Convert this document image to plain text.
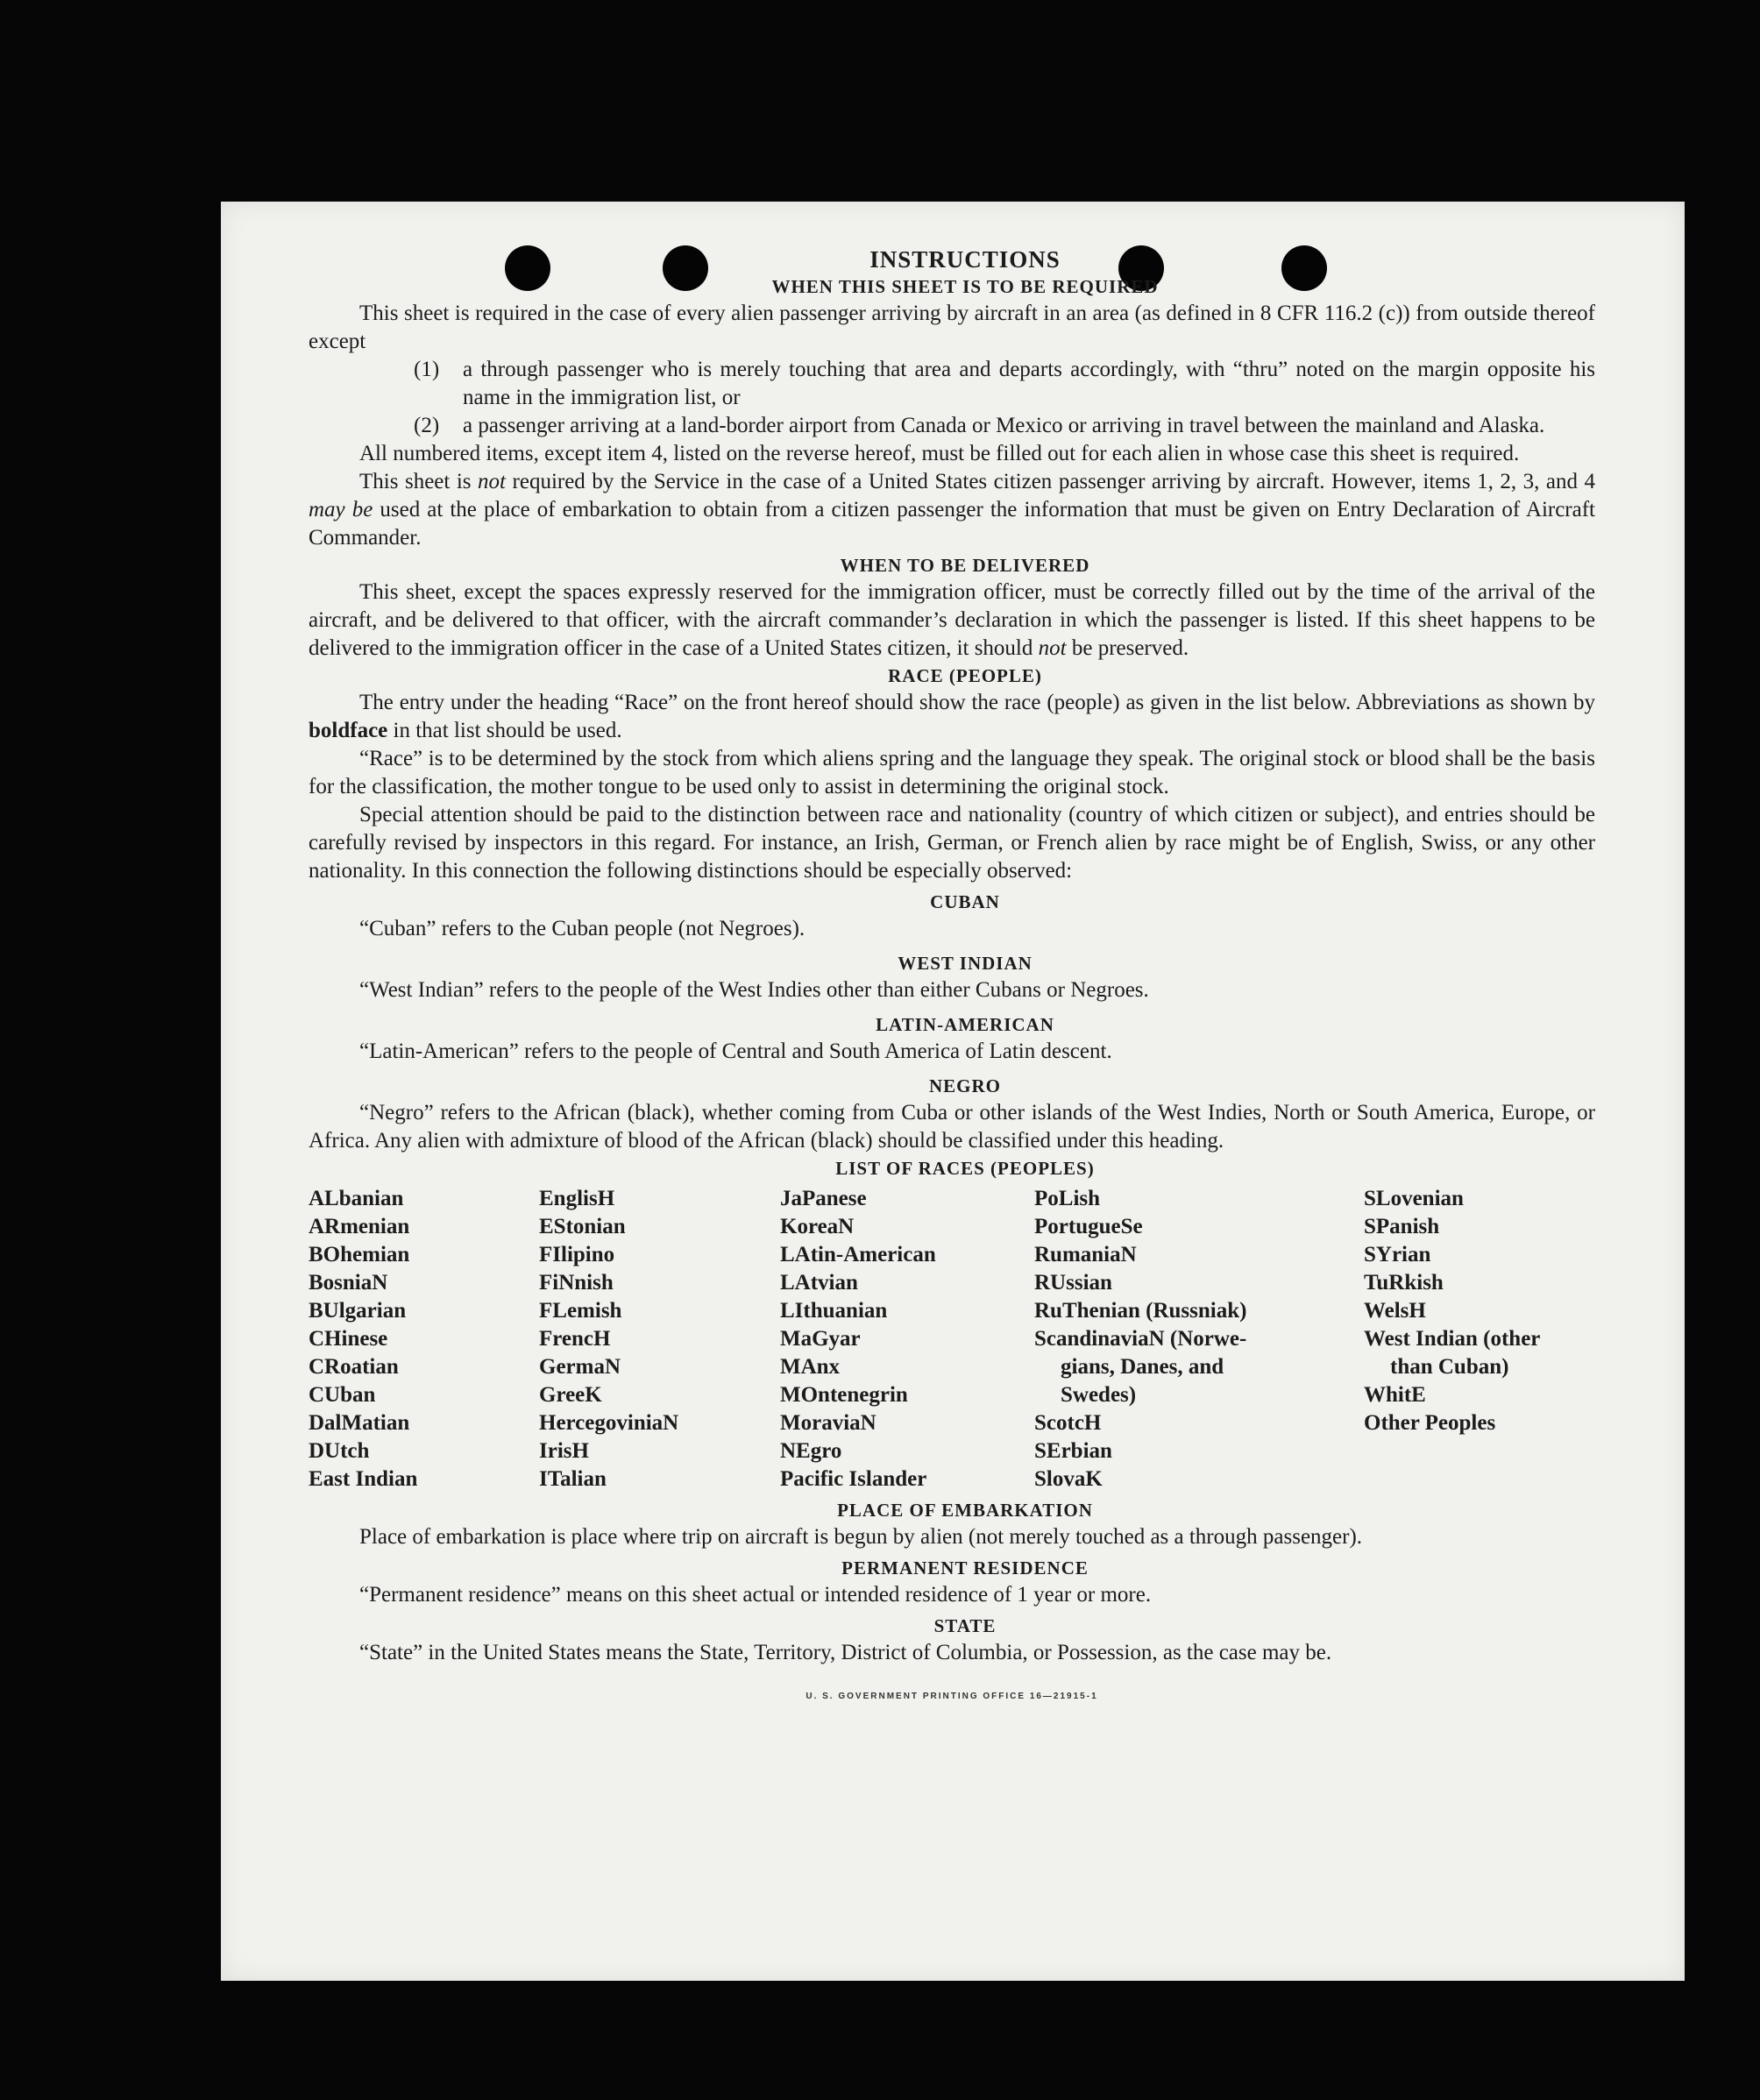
INSTRUCTIONS
WHEN THIS SHEET IS TO BE REQUIRED

This sheet is required in the case of every alien passenger arriving by aircraft in an area (as defined in 8 CFR 116.2 (c)) from outside thereof except

(1)	a through passenger who is merely touching that area and departs accordingly, with “thru” noted on the margin opposite his name in the immigration list, or
(2)	a passenger arriving at a land-border airport from Canada or Mexico or arriving in travel between the mainland and Alaska.

All numbered items, except item 4, listed on the reverse hereof, must be filled out for each alien in whose case this sheet is required.

This sheet is not required by the Service in the case of a United States citizen passenger arriving by aircraft. However, items 1, 2, 3, and 4 may be used at the place of embarkation to obtain from a citizen passenger the information that must be given on Entry Declaration of Aircraft Commander.

WHEN TO BE DELIVERED

This sheet, except the spaces expressly reserved for the immigration officer, must be correctly filled out by the time of the arrival of the aircraft, and be delivered to that officer, with the aircraft commander’s declaration in which the passenger is listed. If this sheet happens to be delivered to the immigration officer in the case of a United States citizen, it should not be preserved.

RACE (PEOPLE)

The entry under the heading “Race” on the front hereof should show the race (people) as given in the list below. Abbreviations as shown by boldface in that list should be used.

“Race” is to be determined by the stock from which aliens spring and the language they speak. The original stock or blood shall be the basis for the classification, the mother tongue to be used only to assist in determining the original stock.

Special attention should be paid to the distinction between race and nationality (country of which citizen or subject), and entries should be carefully revised by inspectors in this regard. For instance, an Irish, German, or French alien by race might be of English, Swiss, or any other nationality. In this connection the following distinctions should be especially observed:

CUBAN

“Cuban” refers to the Cuban people (not Negroes).

WEST INDIAN

“West Indian” refers to the people of the West Indies other than either Cubans or Negroes.

LATIN-AMERICAN

“Latin-American” refers to the people of Central and South America of Latin descent.

NEGRO

“Negro” refers to the African (black), whether coming from Cuba or other islands of the West Indies, North or South America, Europe, or Africa. Any alien with admixture of blood of the African (black) should be classified under this heading.

LIST OF RACES (PEOPLES)
ALbanian
ARmenian
BOhemian
BosniaN
BUlgarian
CHinese
CRoatian
CUban
DalMatian
DUtch
East Indian
EnglisH
EStonian
FIlipino
FiNnish
FLemish
FrencH
GermaN
GreeK
HercegoviniaN
IrisH
ITalian
JaPanese
KoreaN
LAtin-American
LAtvian
LIthuanian
MaGyar
MAnx
MOntenegrin
MoraviaN
NEgro
Pacific Islander
PoLish
PortugueSe
RumaniaN
RUssian
RuThenian (Russniak)
ScandinaviaN (Norwe-
gians, Danes, and
Swedes)
ScotcH
SErbian
SlovaK
SLovenian
SPanish
SYrian
TuRkish
WelsH
West Indian (other
than Cuban)
WhitE
Other Peoples
PLACE OF EMBARKATION

Place of embarkation is place where trip on aircraft is begun by alien (not merely touched as a through passenger).

PERMANENT RESIDENCE

“Permanent residence” means on this sheet actual or intended residence of 1 year or more.

STATE

“State” in the United States means the State, Territory, District of Columbia, or Possession, as the case may be.

U. S. GOVERNMENT PRINTING OFFICE 16—21915-1
